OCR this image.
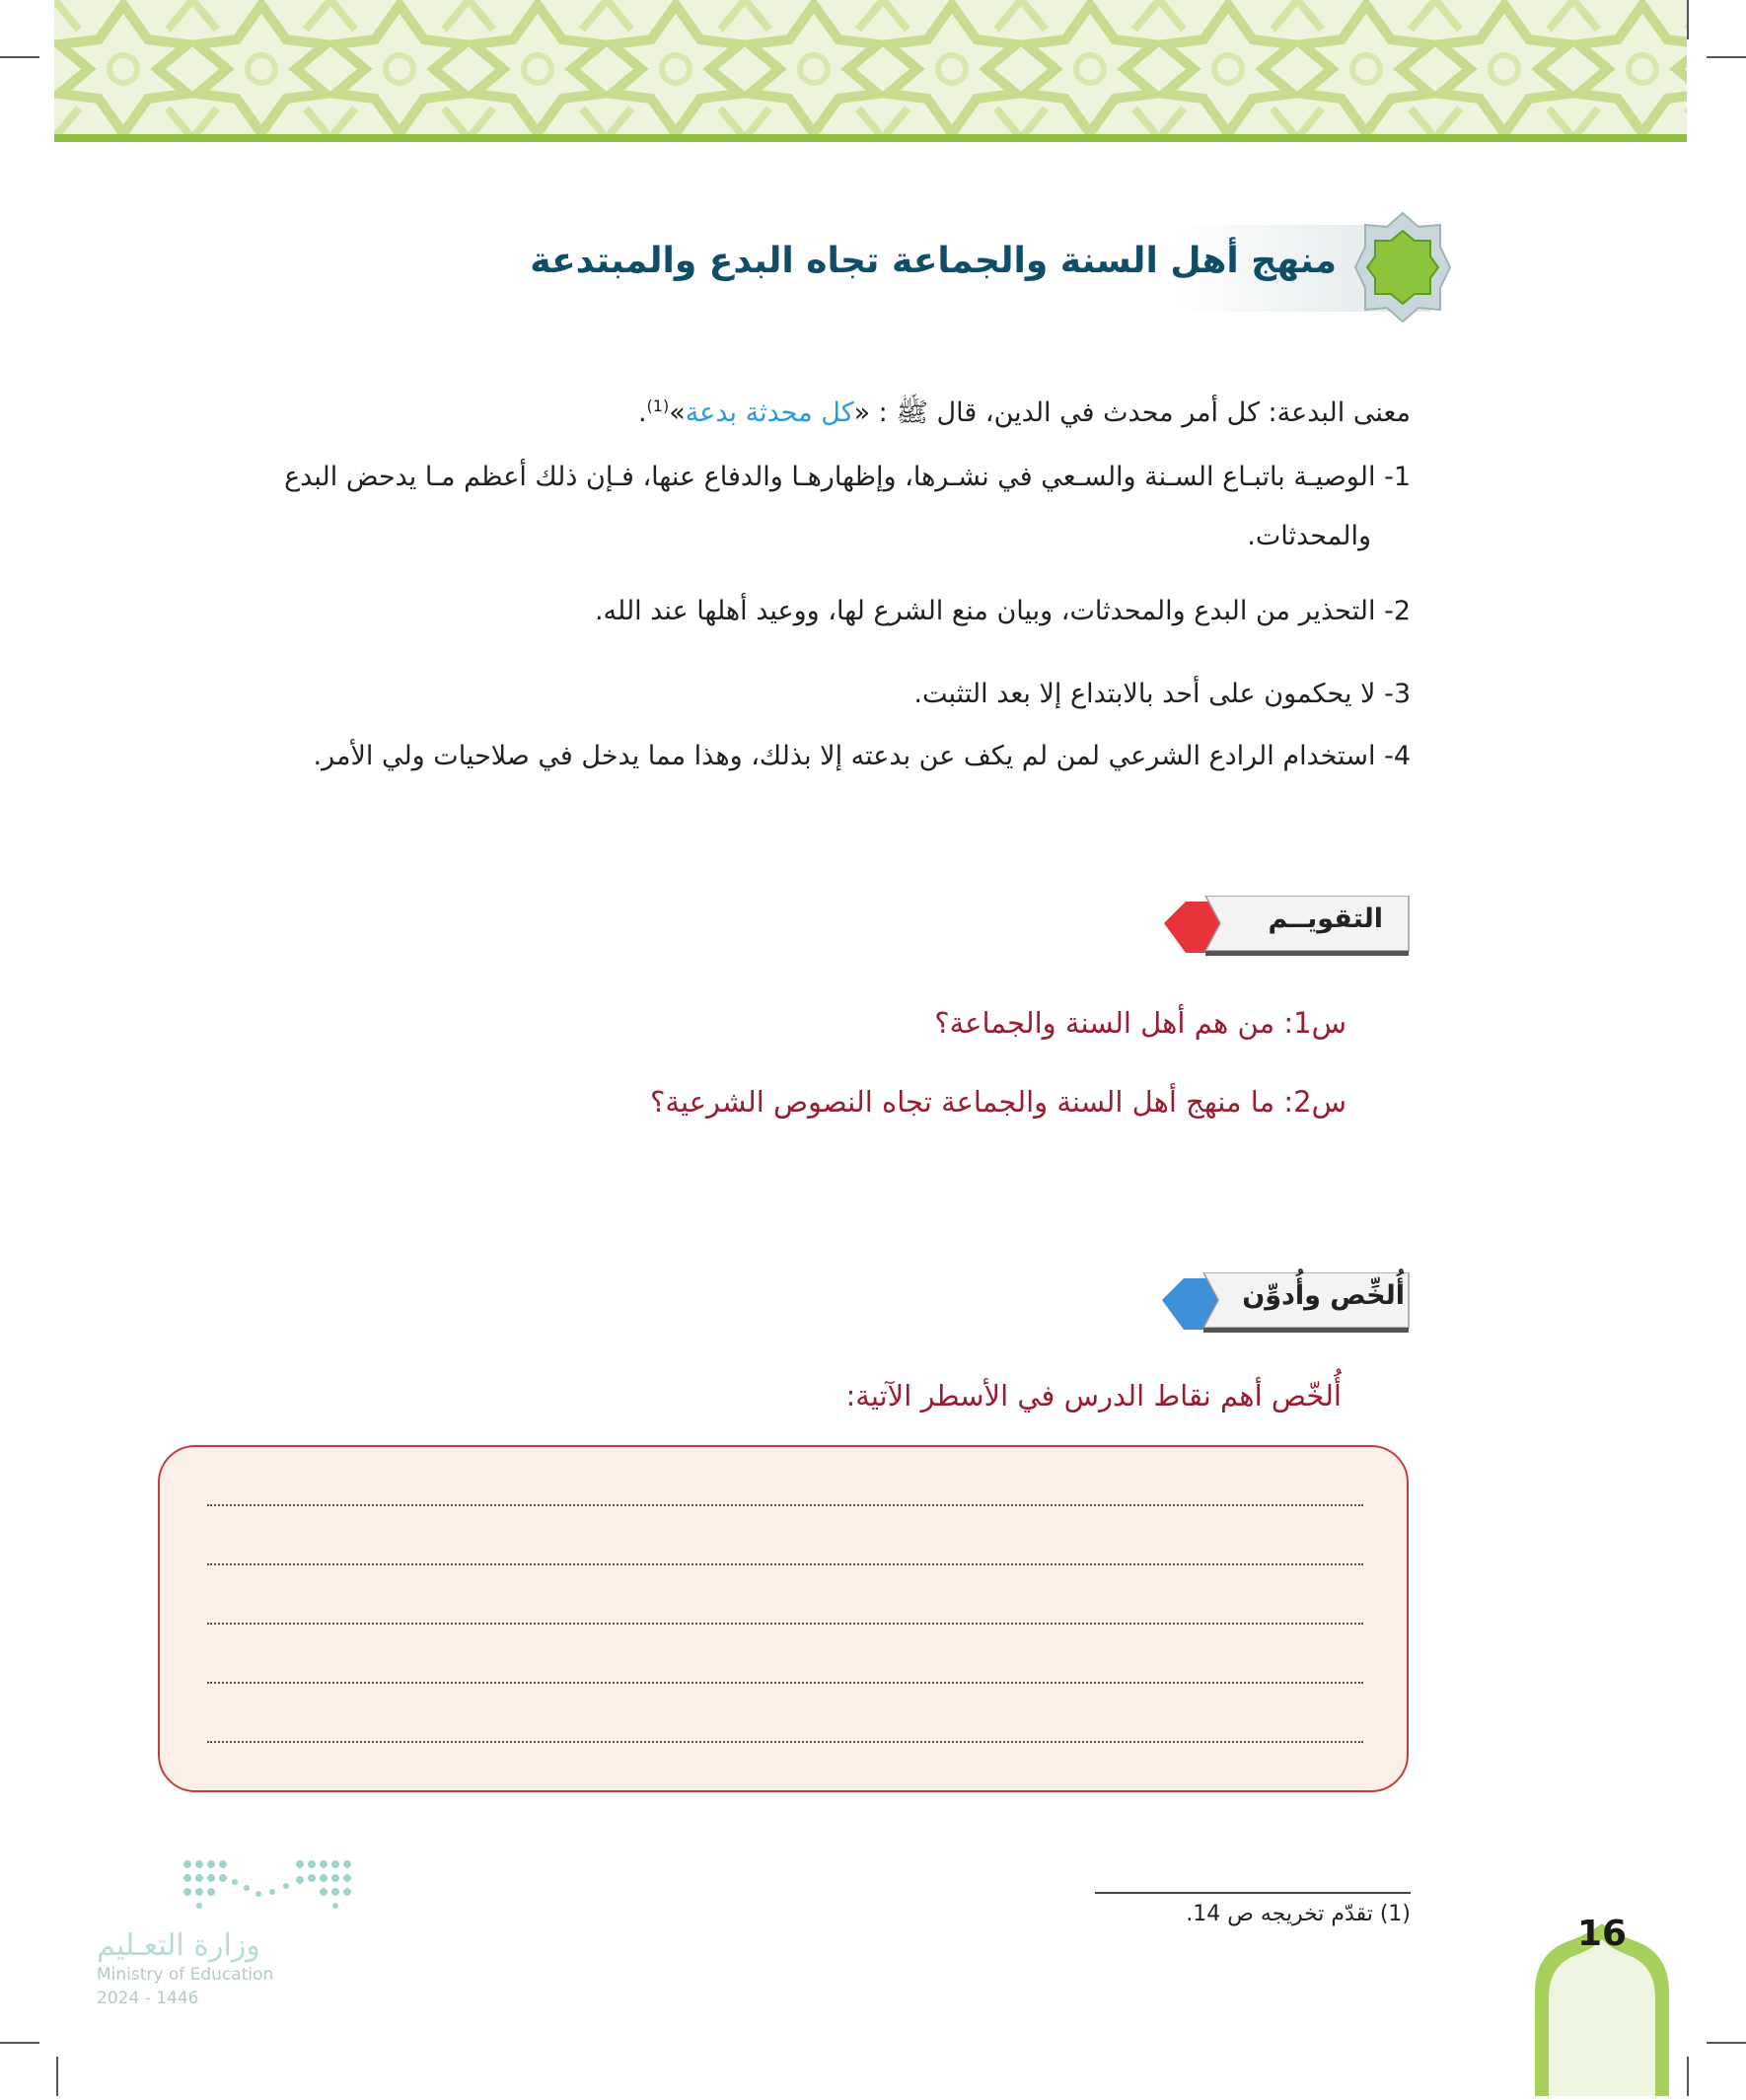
منهج أهل السنة والجماعة تجاه البدع والمبتدعة
معنى البدعة: كل أمر محدث في الدين، قال ﷺ : «كل محدثة بدعة»$^{(1)}$.
1- الوصيـة باتبـاع السـنة والسـعي في نشـرها، وإظهارهـا والدفاع عنها، فـإن ذلك أعظم مـا يدحض البدع
والمحدثات.
2- التحذير من البدع والمحدثات، وبيان منع الشرع لها، ووعيد أهلها عند الله.
3- لا يحكمون على أحد بالابتداع إلا بعد التثبت.
4- استخدام الرادع الشرعي لمن لم يكف عن بدعته إلا بذلك، وهذا مما يدخل في صلاحيات ولي الأمر.
التقويــم
س1: من هم أهل السنة والجماعة؟
س2: ما منهج أهل السنة والجماعة تجاه النصوص الشرعية؟
أُلخِّص وأُدوِّن
أُلخّص أهم نقاط الدرس في الأسطر الآتية:
وزارة التعـليم
Ministry of Education
2024 - 1446
(1) تقدّم تخريجه ص 14.	16
